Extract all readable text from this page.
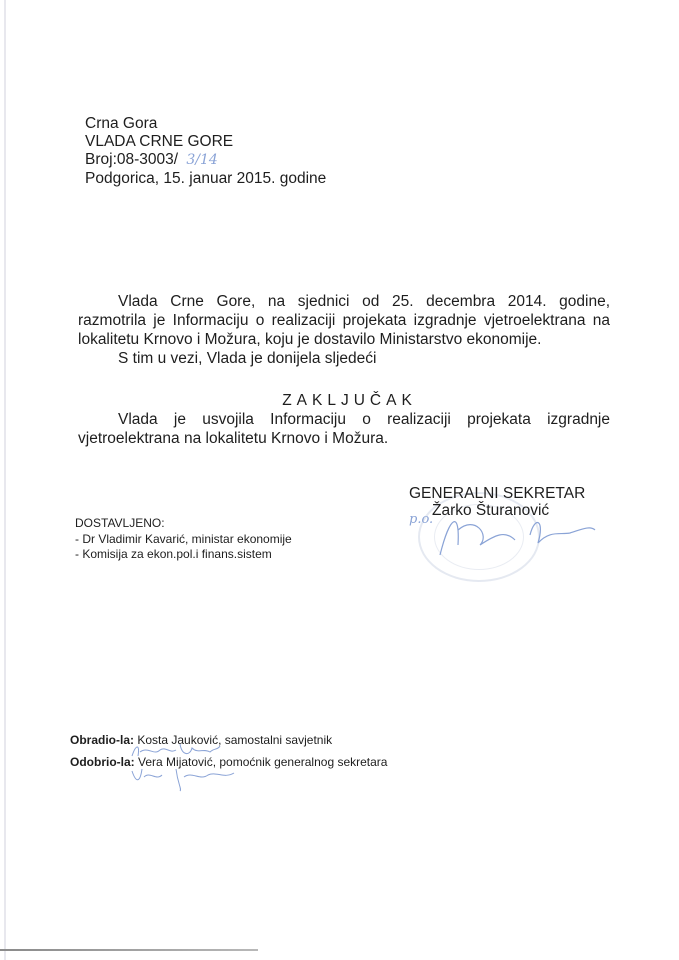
Crna Gora
VLADA CRNE GORE
Broj:08-3003/ 3/14
Podgorica, 15. januar 2015. godine
Vlada Crne Gore, na sjednici od 25. decembra 2014. godine,
razmotrila je Informaciju o realizaciji projekata izgradnje vjetroelektrana na
lokalitetu Krnovo i Možura, koju je dostavilo Ministarstvo ekonomije.
S tim u vezi, Vlada je donijela sljedeći
ZAKLJUČAK
Vlada je usvojila Informaciju o realizaciji projekata izgradnje
vjetroelektrana na lokalitetu Krnovo i Možura.
GENERALNI SEKRETAR
Žarko Šturanović
p.o.
DOSTAVLJENO:
- Dr Vladimir Kavarić, ministar ekonomije
- Komisija za ekon.pol.i finans.sistem
Obradio-la: Kosta Jauković, samostalni savjetnik
Odobrio-la: Vera Mijatović, pomoćnik generalnog sekretara
